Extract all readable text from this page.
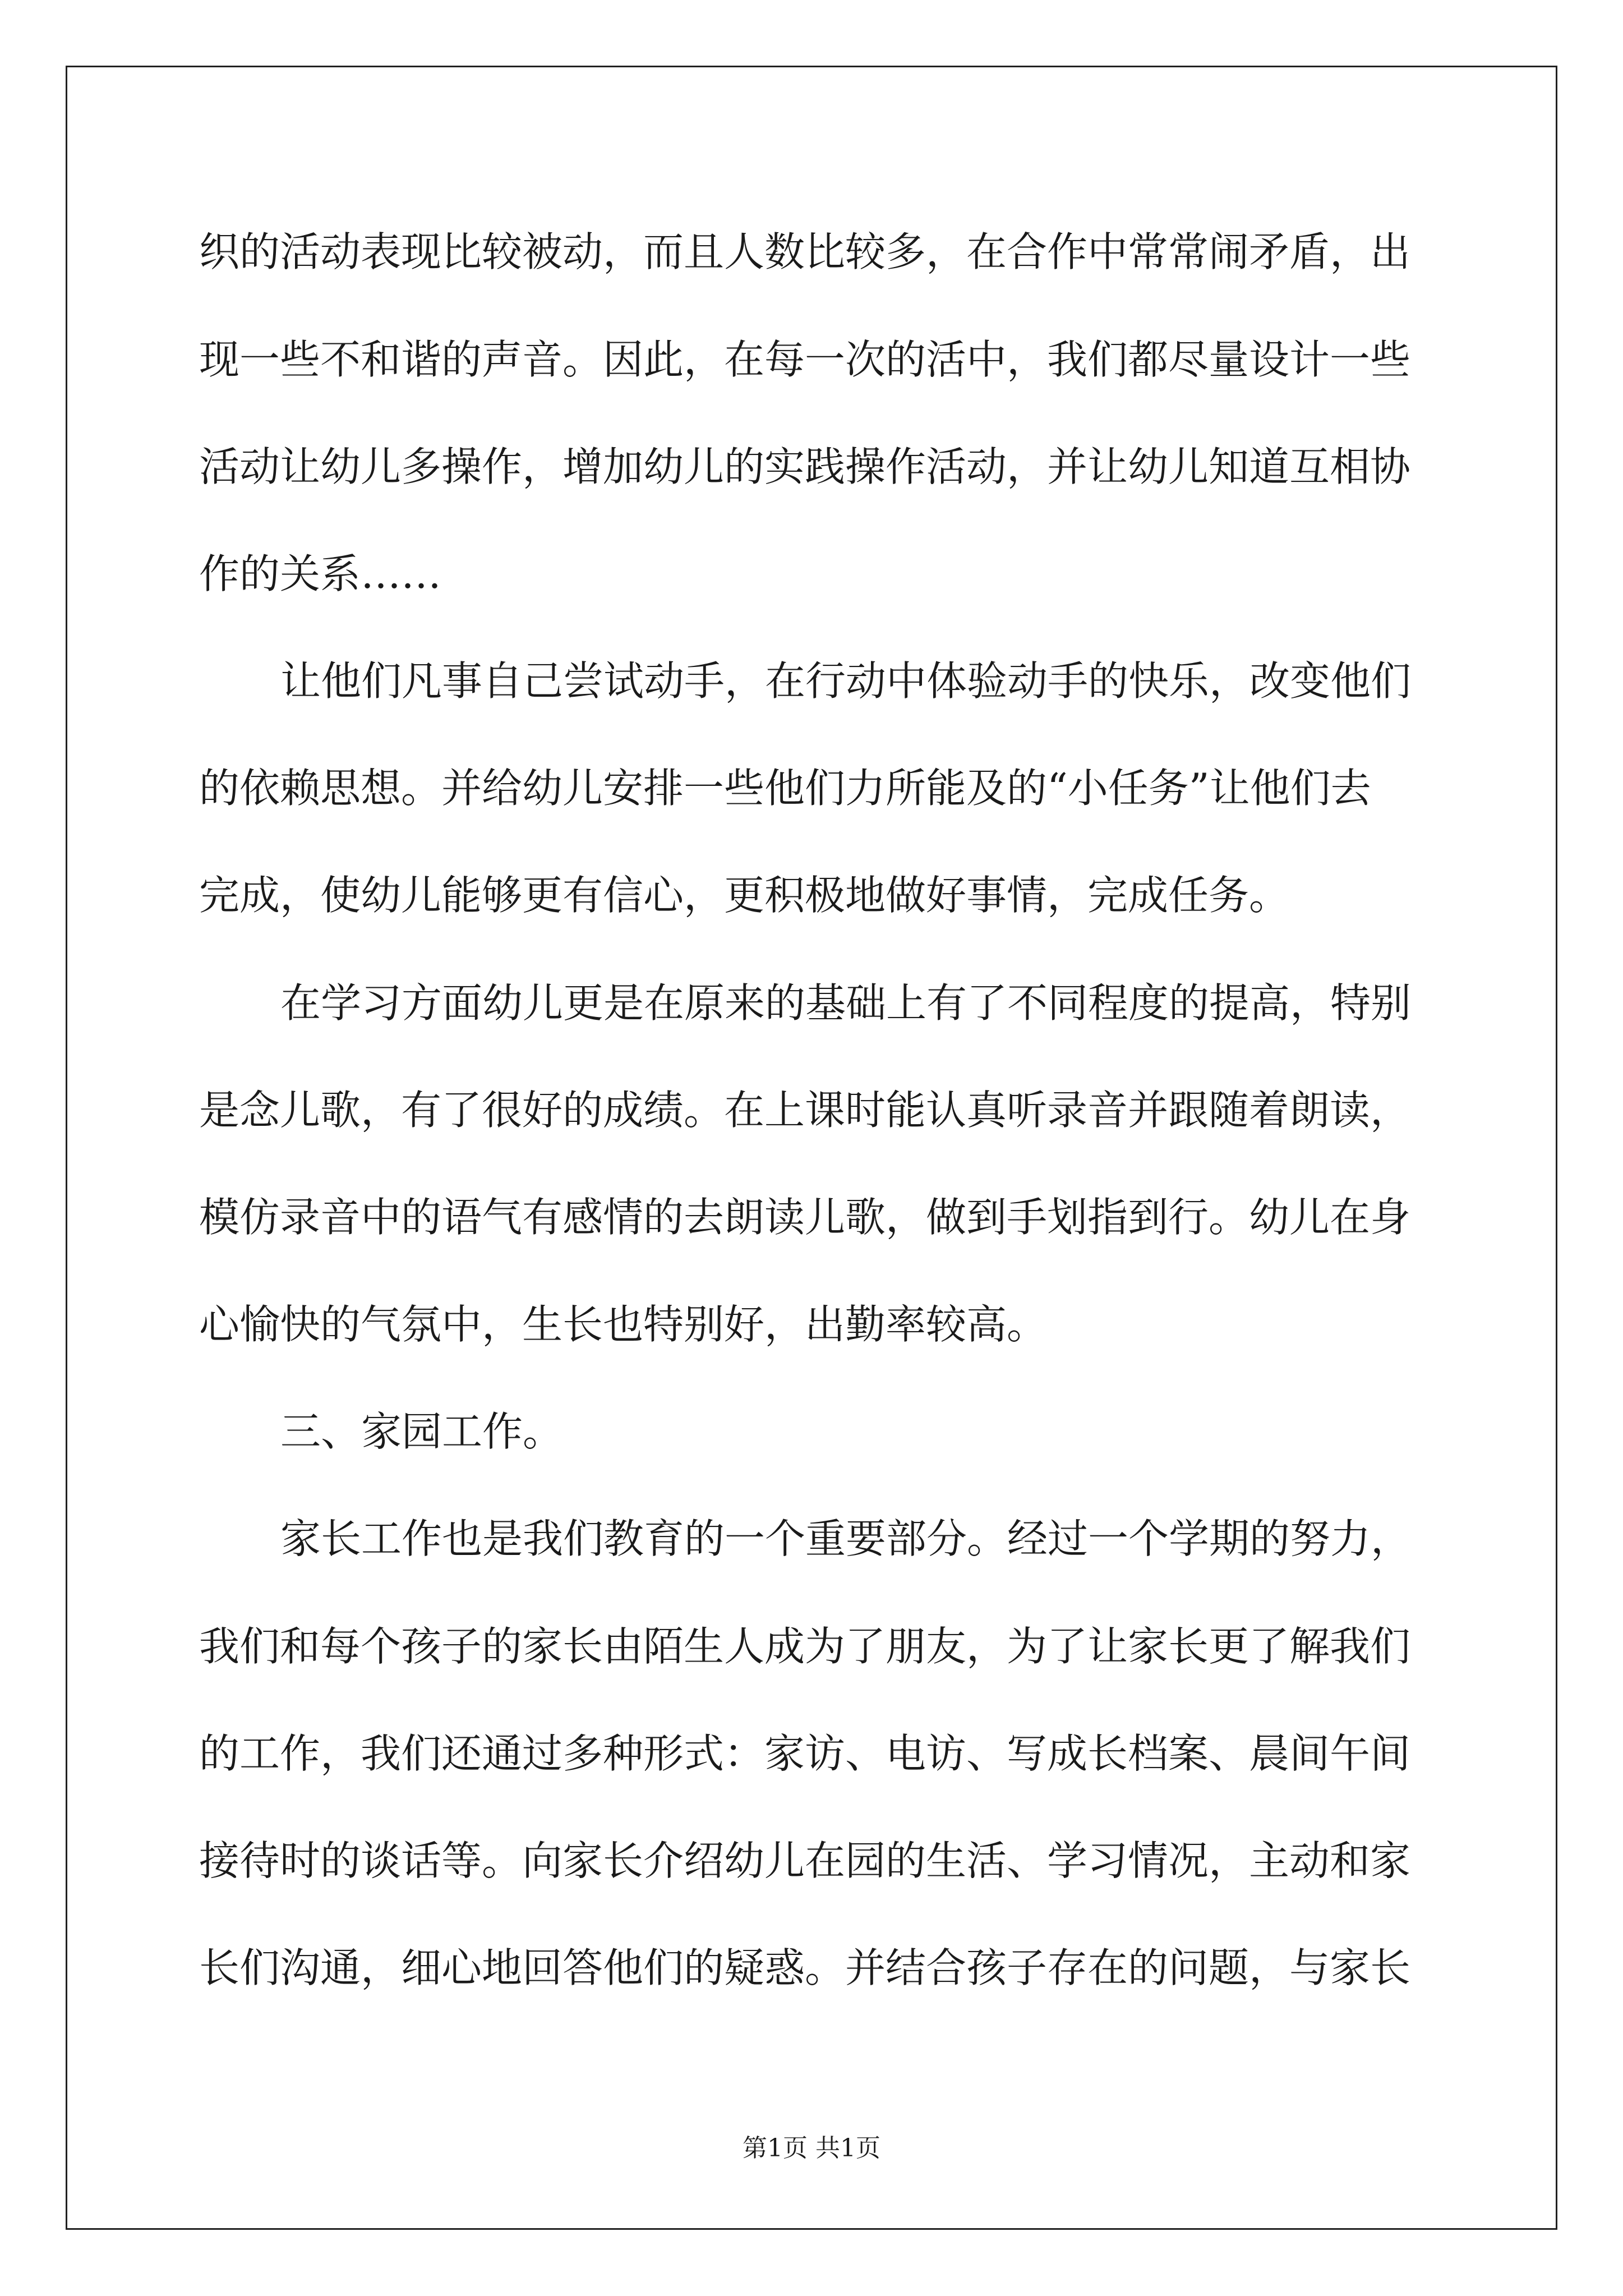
织的活动表现比较被动，而且人数比较多，在合作中常常闹矛盾，出
现一些不和谐的声音。因此，在每一次的活中，我们都尽量设计一些
活动让幼儿多操作，增加幼儿的实践操作活动，并让幼儿知道互相协
作的关系……
让他们凡事自己尝试动手，在行动中体验动手的快乐，改变他们
的依赖思想。并给幼儿安排一些他们力所能及的“小任务”让他们去
完成，使幼儿能够更有信心，更积极地做好事情，完成任务。
在学习方面幼儿更是在原来的基础上有了不同程度的提高，特别
是念儿歌，有了很好的成绩。在上课时能认真听录音并跟随着朗读，
模仿录音中的语气有感情的去朗读儿歌，做到手划指到行。幼儿在身
心愉快的气氛中，生长也特别好，出勤率较高。
三、家园工作。
家长工作也是我们教育的一个重要部分。经过一个学期的努力，
我们和每个孩子的家长由陌生人成为了朋友，为了让家长更了解我们
的工作，我们还通过多种形式：家访、电访、写成长档案、晨间午间
接待时的谈话等。向家长介绍幼儿在园的生活、学习情况，主动和家
长们沟通，细心地回答他们的疑惑。并结合孩子存在的问题，与家长
第1页 共1页
